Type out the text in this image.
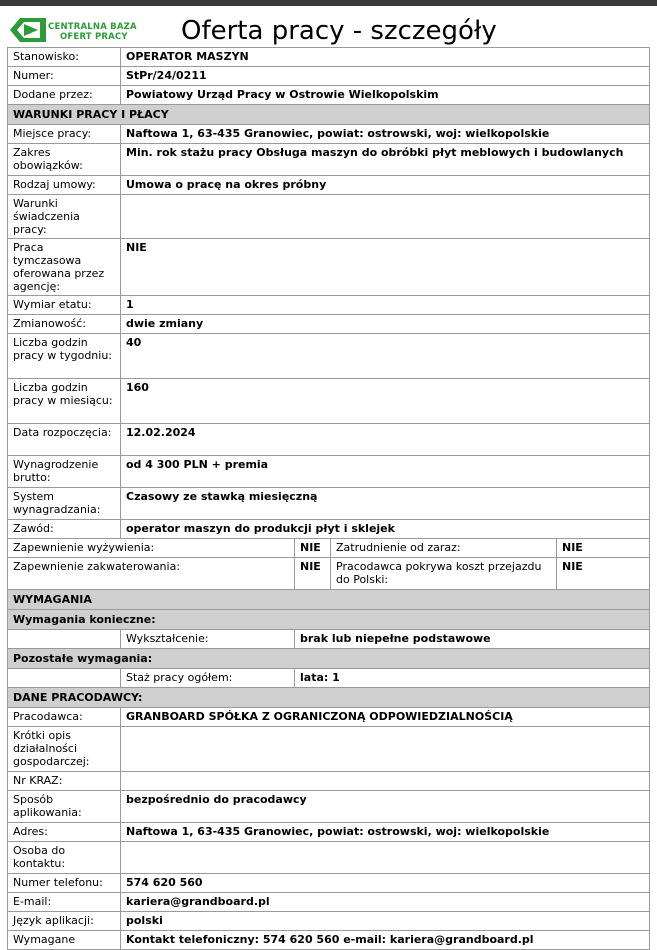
CENTRALNA BAZA
OFERT PRACY	Oferta pracy - szczegóły
Stanowisko:	OPERATOR MASZYN			
Numer:	StPr/24/0211			
Dodane przez:	Powiatowy Urząd Pracy w Ostrowie Wielkopolskim			
WARUNKI PRACY I PŁACY				
Miejsce pracy:	Naftowa 1, 63-435 Granowiec, powiat: ostrowski, woj: wielkopolskie			
Zakres obowiązków:	Min. rok stażu pracy Obsługa maszyn do obróbki płyt meblowych i budowlanych			
Rodzaj umowy:	Umowa o pracę na okres próbny			
Warunki świadczenia pracy:				
Praca tymczasowa oferowana przez agencję:	NIE			
Wymiar etatu:	1			
Zmianowość:	dwie zmiany			
Liczba godzin pracy w tygodniu:	40			
Liczba godzin pracy w miesiącu:	160			
Data rozpoczęcia:	12.02.2024			
Wynagrodzenie brutto:	od 4 300 PLN + premia			
System wynagradzania:	Czasowy ze stawką miesięczną			
Zawód:	operator maszyn do produkcji płyt i sklejek			
Zapewnienie wyżywienia:		NIE	Zatrudnienie od zaraz:	NIE
Zapewnienie zakwaterowania:		NIE	Pracodawca pokrywa koszt przejazdu do Polski:	NIE
WYMAGANIA				
Wymagania konieczne:				
	Wykształcenie:	brak lub niepełne podstawowe		
Pozostałe wymagania:				
	Staż pracy ogółem:	lata: 1		
DANE PRACODAWCY:				
Pracodawca:	GRANBOARD SPÓŁKA Z OGRANICZONĄ ODPOWIEDZIALNOŚCIĄ			
Krótki opis działalności gospodarczej:				
Nr KRAZ:				
Sposób aplikowania:	bezpośrednio do pracodawcy			
Adres:	Naftowa 1, 63-435 Granowiec, powiat: ostrowski, woj: wielkopolskie			
Osoba do kontaktu:				
Numer telefonu:	574 620 560			
E-mail:	kariera@grandboard.pl			
Język aplikacji:	polski			
Wymagane	Kontakt telefoniczny: 574 620 560 e-mail: kariera@grandboard.pl			
